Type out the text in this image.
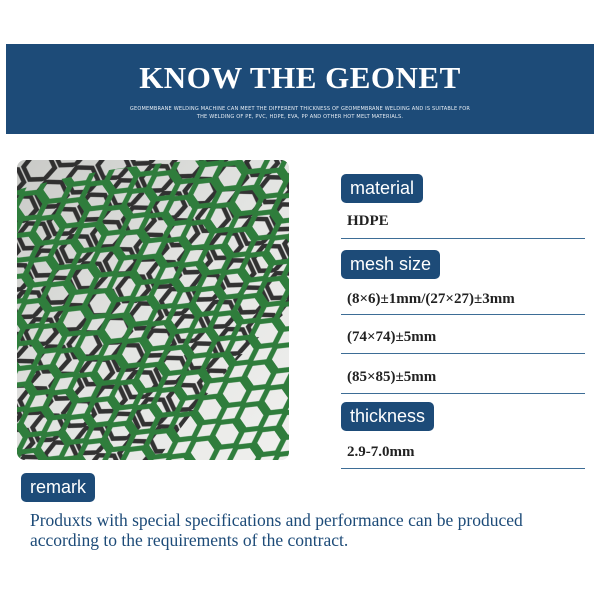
KNOW THE GEONET
GEOMEMBRANE WELDING MACHINE CAN MEET THE DIFFERENT THICKNESS OF GEOMEMBRANE WELDING AND IS SUITABLE FOR THE WELDING OF PE, PVC, HDPE, EVA, PP AND OTHER HOT MELT MATERIALS.
material
HDPE
mesh size
(8×6)±1mm/(27×27)±3mm
(74×74)±5mm
(85×85)±5mm
thickness
2.9-7.0mm
remark
Produxts with special specifications and performance can be produced according to the requirements of the contract.
